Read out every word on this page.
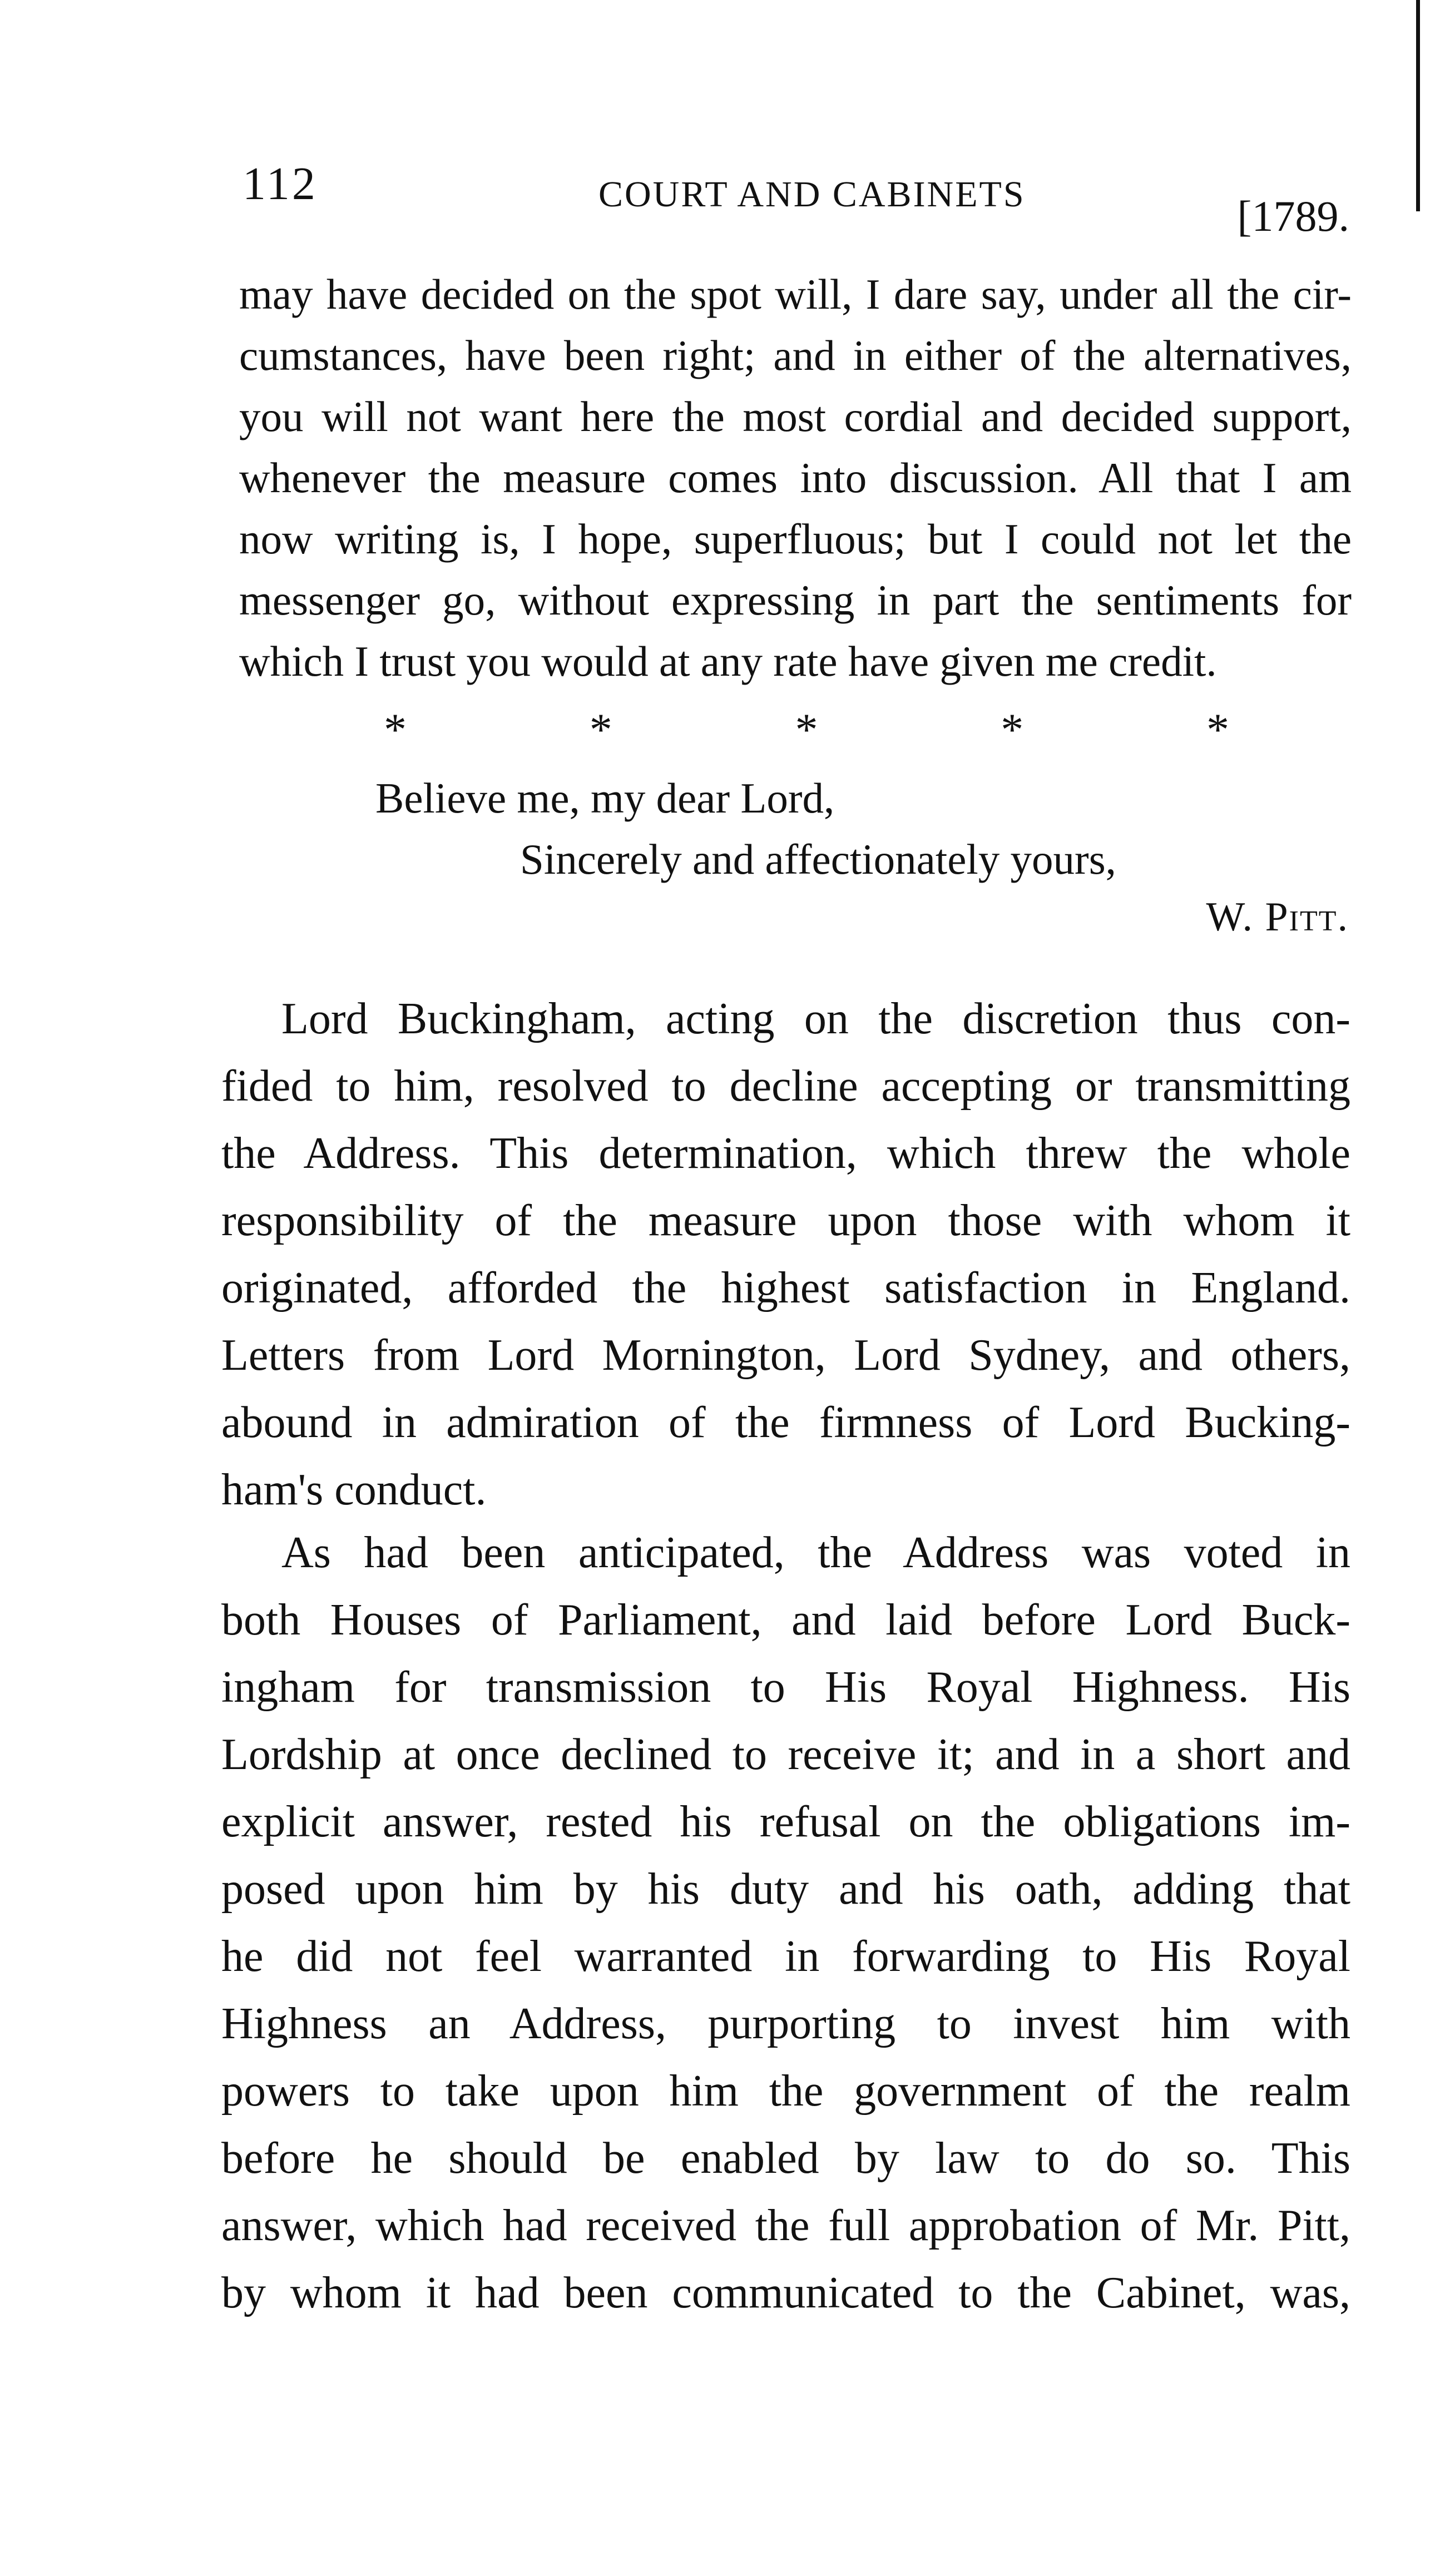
112	COURT AND CABINETS	[1789.
may have decided on the spot will, I dare say, under all the cir-
cumstances, have been right; and in either of the alternatives,
you will not want here the most cordial and decided support,
whenever the measure comes into discussion. All that I am
now writing is, I hope, superfluous; but I could not let the
messenger go, without expressing in part the sentiments for
which I trust you would at any rate have given me credit.
*	*	*	*	*
Believe me, my dear Lord,
Sincerely and affectionately yours,
W. Pitt.
Lord Buckingham, acting on the discretion thus con-
fided to him, resolved to decline accepting or transmitting
the Address. This determination, which threw the whole
responsibility of the measure upon those with whom it
originated, afforded the highest satisfaction in England.
Letters from Lord Mornington, Lord Sydney, and others,
abound in admiration of the firmness of Lord Bucking-
ham's conduct.
As had been anticipated, the Address was voted in
both Houses of Parliament, and laid before Lord Buck-
ingham for transmission to His Royal Highness. His
Lordship at once declined to receive it; and in a short and
explicit answer, rested his refusal on the obligations im-
posed upon him by his duty and his oath, adding that
he did not feel warranted in forwarding to His Royal
Highness an Address, purporting to invest him with
powers to take upon him the government of the realm
before he should be enabled by law to do so. This
answer, which had received the full approbation of Mr. Pitt,
by whom it had been communicated to the Cabinet, was,
